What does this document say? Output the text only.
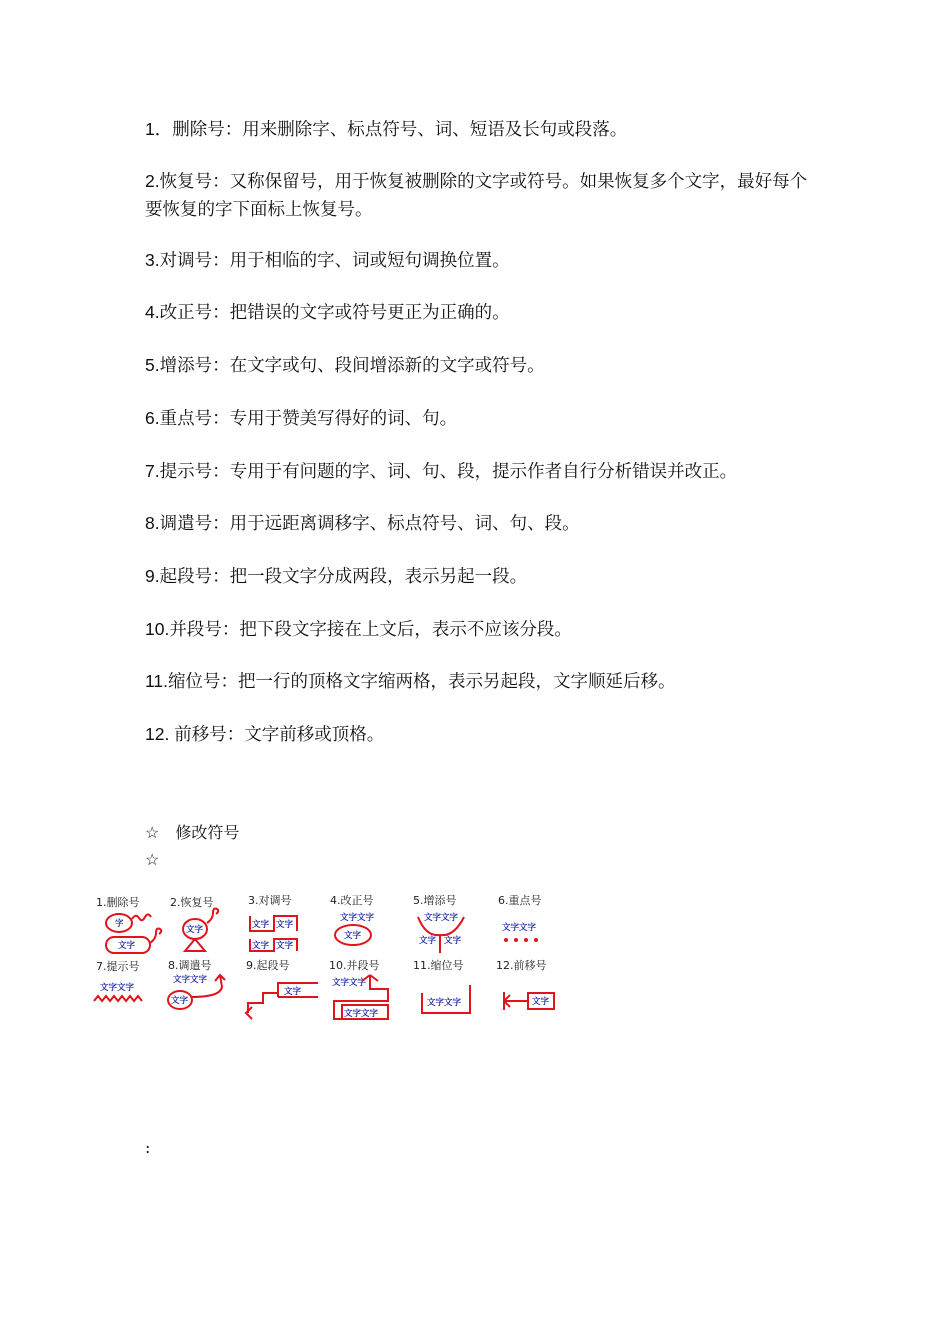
1．删除号：用来删除字、标点符号、词、短语及长句或段落。

2.恢复号：又称保留号，用于恢复被删除的文字或符号。如果恢复多个文字，最好每个要恢复的字下面标上恢复号。

3.对调号：用于相临的字、词或短句调换位置。

4.改正号：把错误的文字或符号更正为正确的。

5.增添号：在文字或句、段间增添新的文字或符号。

6.重点号：专用于赞美写得好的词、句。

7.提示号：专用于有问题的字、词、句、段，提示作者自行分析错误并改正。

8.调遣号：用于远距离调移字、标点符号、词、句、段。

9.起段号：把一段文字分成两段，表示另起一段。

10.并段号：把下段文字接在上文后，表示不应该分段。

11.缩位号：把一行的顶格文字缩两格，表示另起段，文字顺延后移。

12. 前移号：文字前移或顶格。

☆ 修改符号
☆
1.删除号	2.恢复号	3.对调号	4.改正号	5.增添号	6.重点号
字
文字
文字	文字 文字
文字 文字
文字文字
文字
文字文字
文字 文字
文字文字
7.提示号	8.调遣号	9.起段号	10.并段号	11.缩位号	12.前移号
文字文字
文字文字
文字
文字
文字文字
文字文字
文字文字	文字
:
